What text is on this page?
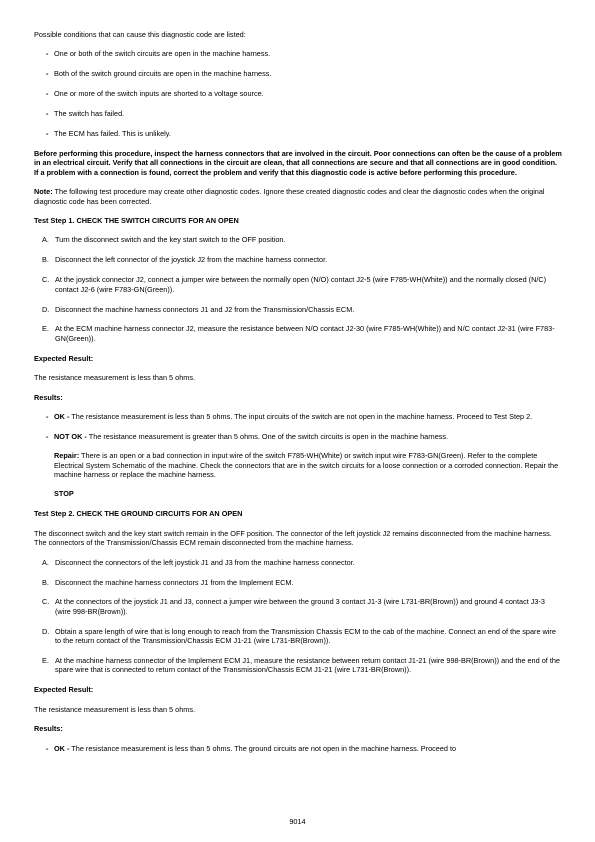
Possible conditions that can cause this diagnostic code are listed:

- One or both of the switch circuits are open in the machine harness.
- Both of the switch ground circuits are open in the machine harness.
- One or more of the switch inputs are shorted to a voltage source.
- The switch has failed.
- The ECM has failed. This is unlikely.

Before performing this procedure, inspect the harness connectors that are involved in the circuit. Poor connections can often be the cause of a problem in an electrical circuit. Verify that all connections in the circuit are clean, that all connections are secure and that all connections are in good condition. If a problem with a connection is found, correct the problem and verify that this diagnostic code is active before performing this procedure.

Note: The following test procedure may create other diagnostic codes. Ignore these created diagnostic codes and clear the diagnostic codes when the original diagnostic code has been corrected.

Test Step 1. CHECK THE SWITCH CIRCUITS FOR AN OPEN
A. Turn the disconnect switch and the key start switch to the OFF position.
B. Disconnect the left connector of the joystick J2 from the machine harness connector.
C. At the joystick connector J2, connect a jumper wire between the normally open (N/O) contact J2-5 (wire F785-WH(White)) and the normally closed (N/C) contact J2-6 (wire F783-GN(Green)).
D. Disconnect the machine harness connectors J1 and J2 from the Transmission/Chassis ECM.
E. At the ECM machine harness connector J2, measure the resistance between N/O contact J2-30 (wire F785-WH(White)) and N/C contact J2-31 (wire F783-GN(Green)).
Expected Result:

The resistance measurement is less than 5 ohms.

Results:
- OK - The resistance measurement is less than 5 ohms. The input circuits of the switch are not open in the machine harness. Proceed to Test Step 2.
- NOT OK - The resistance measurement is greater than 5 ohms. One of the switch circuits is open in the machine harness.
Repair: There is an open or a bad connection in input wire of the switch F785-WH(White) or switch input wire F783-GN(Green). Refer to the complete Electrical System Schematic of the machine. Check the connectors that are in the switch circuits for a loose connection or a corroded connection. Repair the machine harness or replace the machine harness.
STOP
Test Step 2. CHECK THE GROUND CIRCUITS FOR AN OPEN

The disconnect switch and the key start switch remain in the OFF position. The connector of the left joystick J2 remains disconnected from the machine harness. The connectors of the Transmission/Chassis ECM remain disconnected from the machine harness.

A. Disconnect the connectors of the left joystick J1 and J3 from the machine harness connector.
B. Disconnect the machine harness connectors J1 from the Implement ECM.
C. At the connectors of the joystick J1 and J3, connect a jumper wire between the ground 3 contact J1-3 (wire L731-BR(Brown)) and ground 4 contact J3-3 (wire 998-BR(Brown)).
D. Obtain a spare length of wire that is long enough to reach from the Transmission Chassis ECM to the cab of the machine. Connect an end of the spare wire to the return contact of the Transmission/Chassis ECM J1-21 (wire L731-BR(Brown)).
E. At the machine harness connector of the Implement ECM J1, measure the resistance between return contact J1-21 (wire 998-BR(Brown)) and the end of the spare wire that is connected to return contact of the Transmission/Chassis ECM J1-21 (wire L731-BR(Brown)).
Expected Result:

The resistance measurement is less than 5 ohms.

Results:
- OK - The resistance measurement is less than 5 ohms. The ground circuits are not open in the machine harness. Proceed to
9014
